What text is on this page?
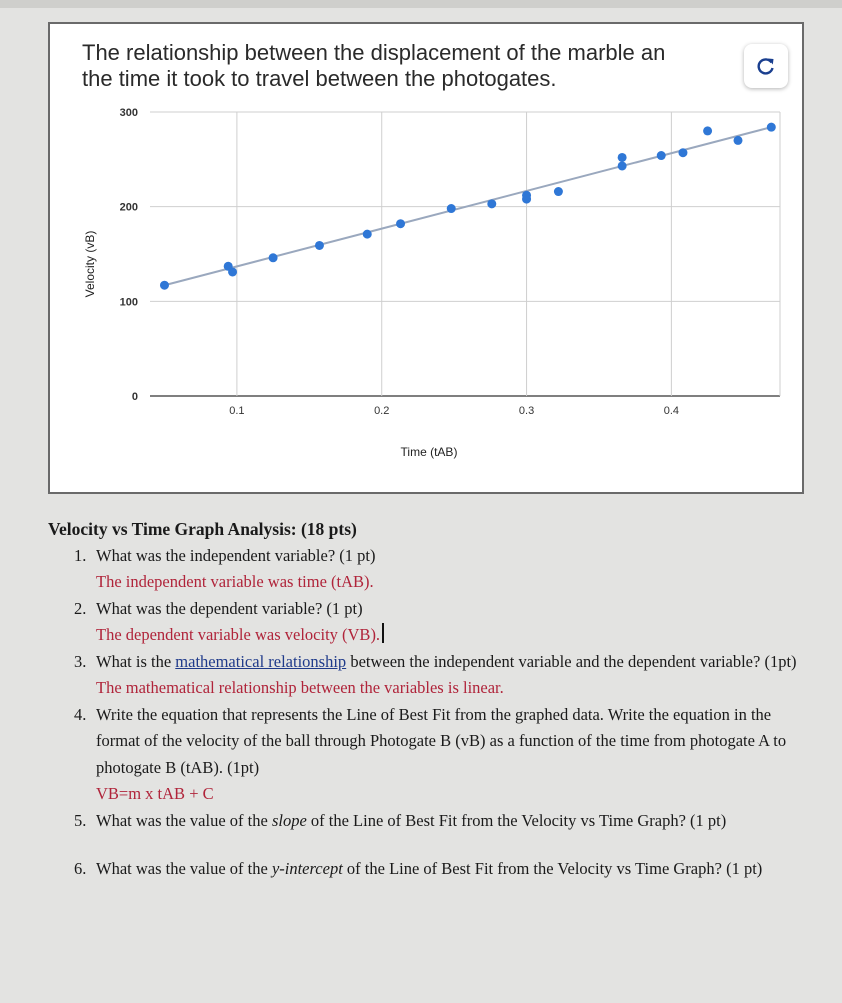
0
100
200
300
0.1	0.2	0.3	0.4
Time (tAB)
Velocity (vB)
The relationship between the displacement of the marble an
the time it took to travel between the photogates.
Velocity vs Time Graph Analysis: (18 pts)
1. What was the independent variable? (1 pt)
The independent variable was time (tAB).
2. What was the dependent variable? (1 pt)
The dependent variable was velocity (VB).
3. What is the mathematical relationship between the independent variable and the dependent variable? (1pt)
The mathematical relationship between the variables is linear.
4. Write the equation that represents the Line of Best Fit from the graphed data. Write the equation in the format of the velocity of the ball through Photogate B (vB) as a function of the time from photogate A to photogate B (tAB). (1pt)
VB=m x tAB + C
5. What was the value of the slope of the Line of Best Fit from the Velocity vs Time Graph? (1 pt)
6. What was the value of the y-intercept of the Line of Best Fit from the Velocity vs Time Graph? (1 pt)
